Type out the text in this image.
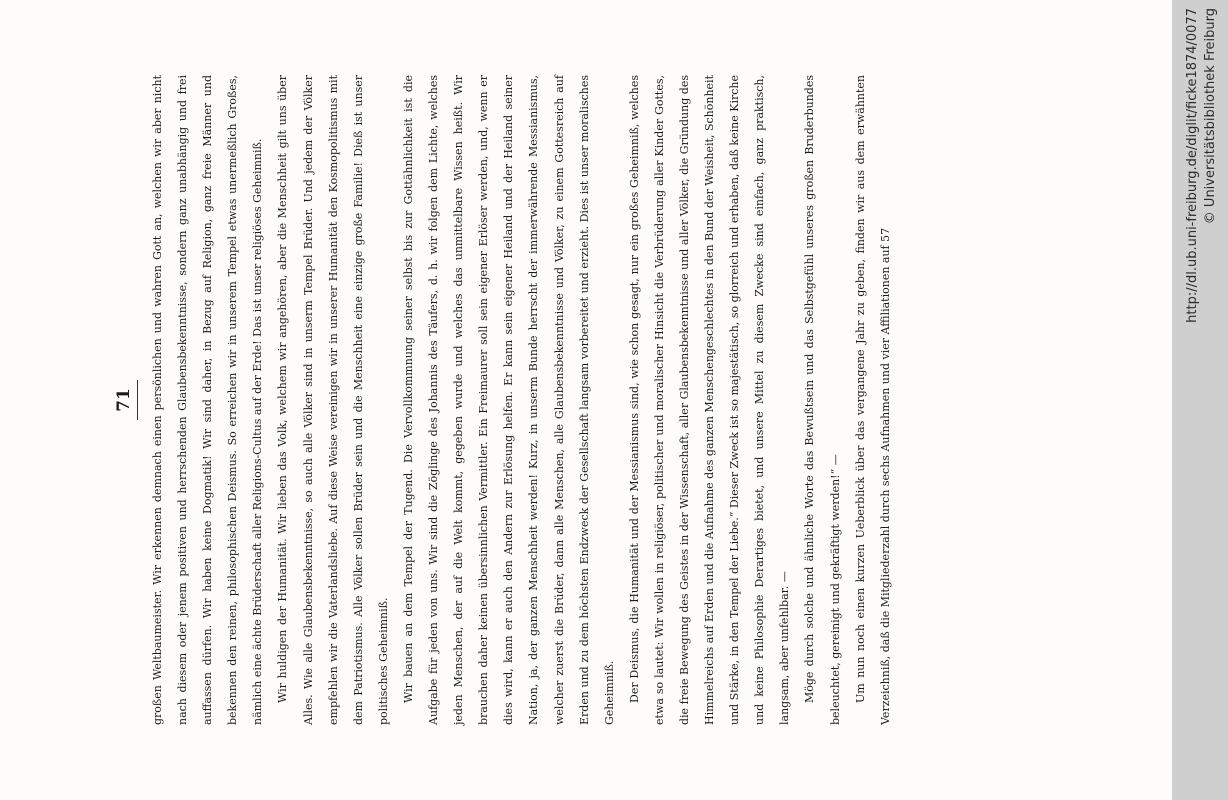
71	großen Weltbaumeister. Wir erkennen demnach einen persönlichen und wahren Gott an, welchen wir aber nicht nach diesem oder jenem positiven und herrschenden Glaubensbekenntnisse, sondern ganz unabhängig und frei auffassen dürfen. Wir haben keine Dogmatik! Wir sind daher, in Bezug auf Religion, ganz freie Männer und bekennen den reinen, philosophischen Deismus. So erreichen wir in unserem Tempel etwas unermeßlich Großes, nämlich eine ächte Brüderschaft aller Religions-Cultus auf der Erde! Das ist unser religiöses Geheimniß.	Wir huldigen der Humanität. Wir lieben das Volk, welchem wir angehören, aber die Menschheit gilt uns über Alles. Wie alle Glaubensbekenntnisse, so auch alle Völker sind in unserm Tempel Brüder. Und jedem der Völker empfehlen wir die Vaterlandsliebe. Auf diese Weise vereinigen wir in unserer Humanität den Kosmopolitismus mit dem Patriotismus. Alle Völker sollen Brüder sein und die Menschheit eine einzige große Familie! Dieß ist unser politisches Geheimniß.	Wir bauen an dem Tempel der Tugend. Die Vervollkommnung seiner selbst bis zur Gottähnlichkeit ist die Aufgabe für jeden von uns. Wir sind die Zöglinge des Johannis des Täufers, d. h. wir folgen dem Lichte, welches jeden Menschen, der auf die Welt kommt, gegeben wurde und welches das unmittelbare Wissen heißt. Wir brauchen daher keinen übersinnlichen Vermittler. Ein Freimaurer soll sein eigener Erlöser werden, und, wenn er dies wird, kann er auch den Andern zur Erlösung helfen. Er kann sein eigener Heiland und der Heiland seiner Nation, ja, der ganzen Menschheit werden! Kurz, in unserm Bunde herrscht der immerwährende Messianismus, welcher zuerst die Brüder, dann alle Menschen, alle Glaubensbekenntnisse und Völker, zu einem Gottesreich auf Erden und zu dem höchsten Endzweck der Gesellschaft langsam vorbereitet und erzieht. Dies ist unser moralisches Geheimniß.	Der Deismus, die Humanität und der Messianismus sind, wie schon gesagt, nur ein großes Geheimniß, welches etwa so lautet: Wir wollen in religiöser, politischer und moralischer Hinsicht die Verbrüderung aller Kinder Gottes, die freie Bewegung des Geistes in der Wissenschaft, aller Glaubensbekenntnisse und aller Völker, die Gründung des Himmelreichs auf Erden und die Aufnahme des ganzen Menschengeschlechtes in den Bund der Weisheit, Schönheit und Stärke, in den Tempel der Liebe.“ Dieser Zweck ist so majestätisch, so glorreich und erhaben, daß keine Kirche und keine Philosophie Derartiges bietet, und unsere Mittel zu diesem Zwecke sind einfach, ganz praktisch, langsam, aber unfehlbar. —	Möge durch solche und ähnliche Worte das Bewußtsein und das Selbstgefühl unseres großen Bruderbundes beleuchtet, gereinigt und gekräftigt werden!“ —	Um nun noch einen kurzen Ueberblick über das vergangene Jahr zu geben, finden wir aus dem erwähnten Verzeichniß, daß die Mitgliederzahl durch sechs Aufnahmen und vier Affiliationen auf 57

http://dl.ub.uni-freiburg.de/diglit/ficke1874/0077 © Universitätsbibliothek Freiburg
